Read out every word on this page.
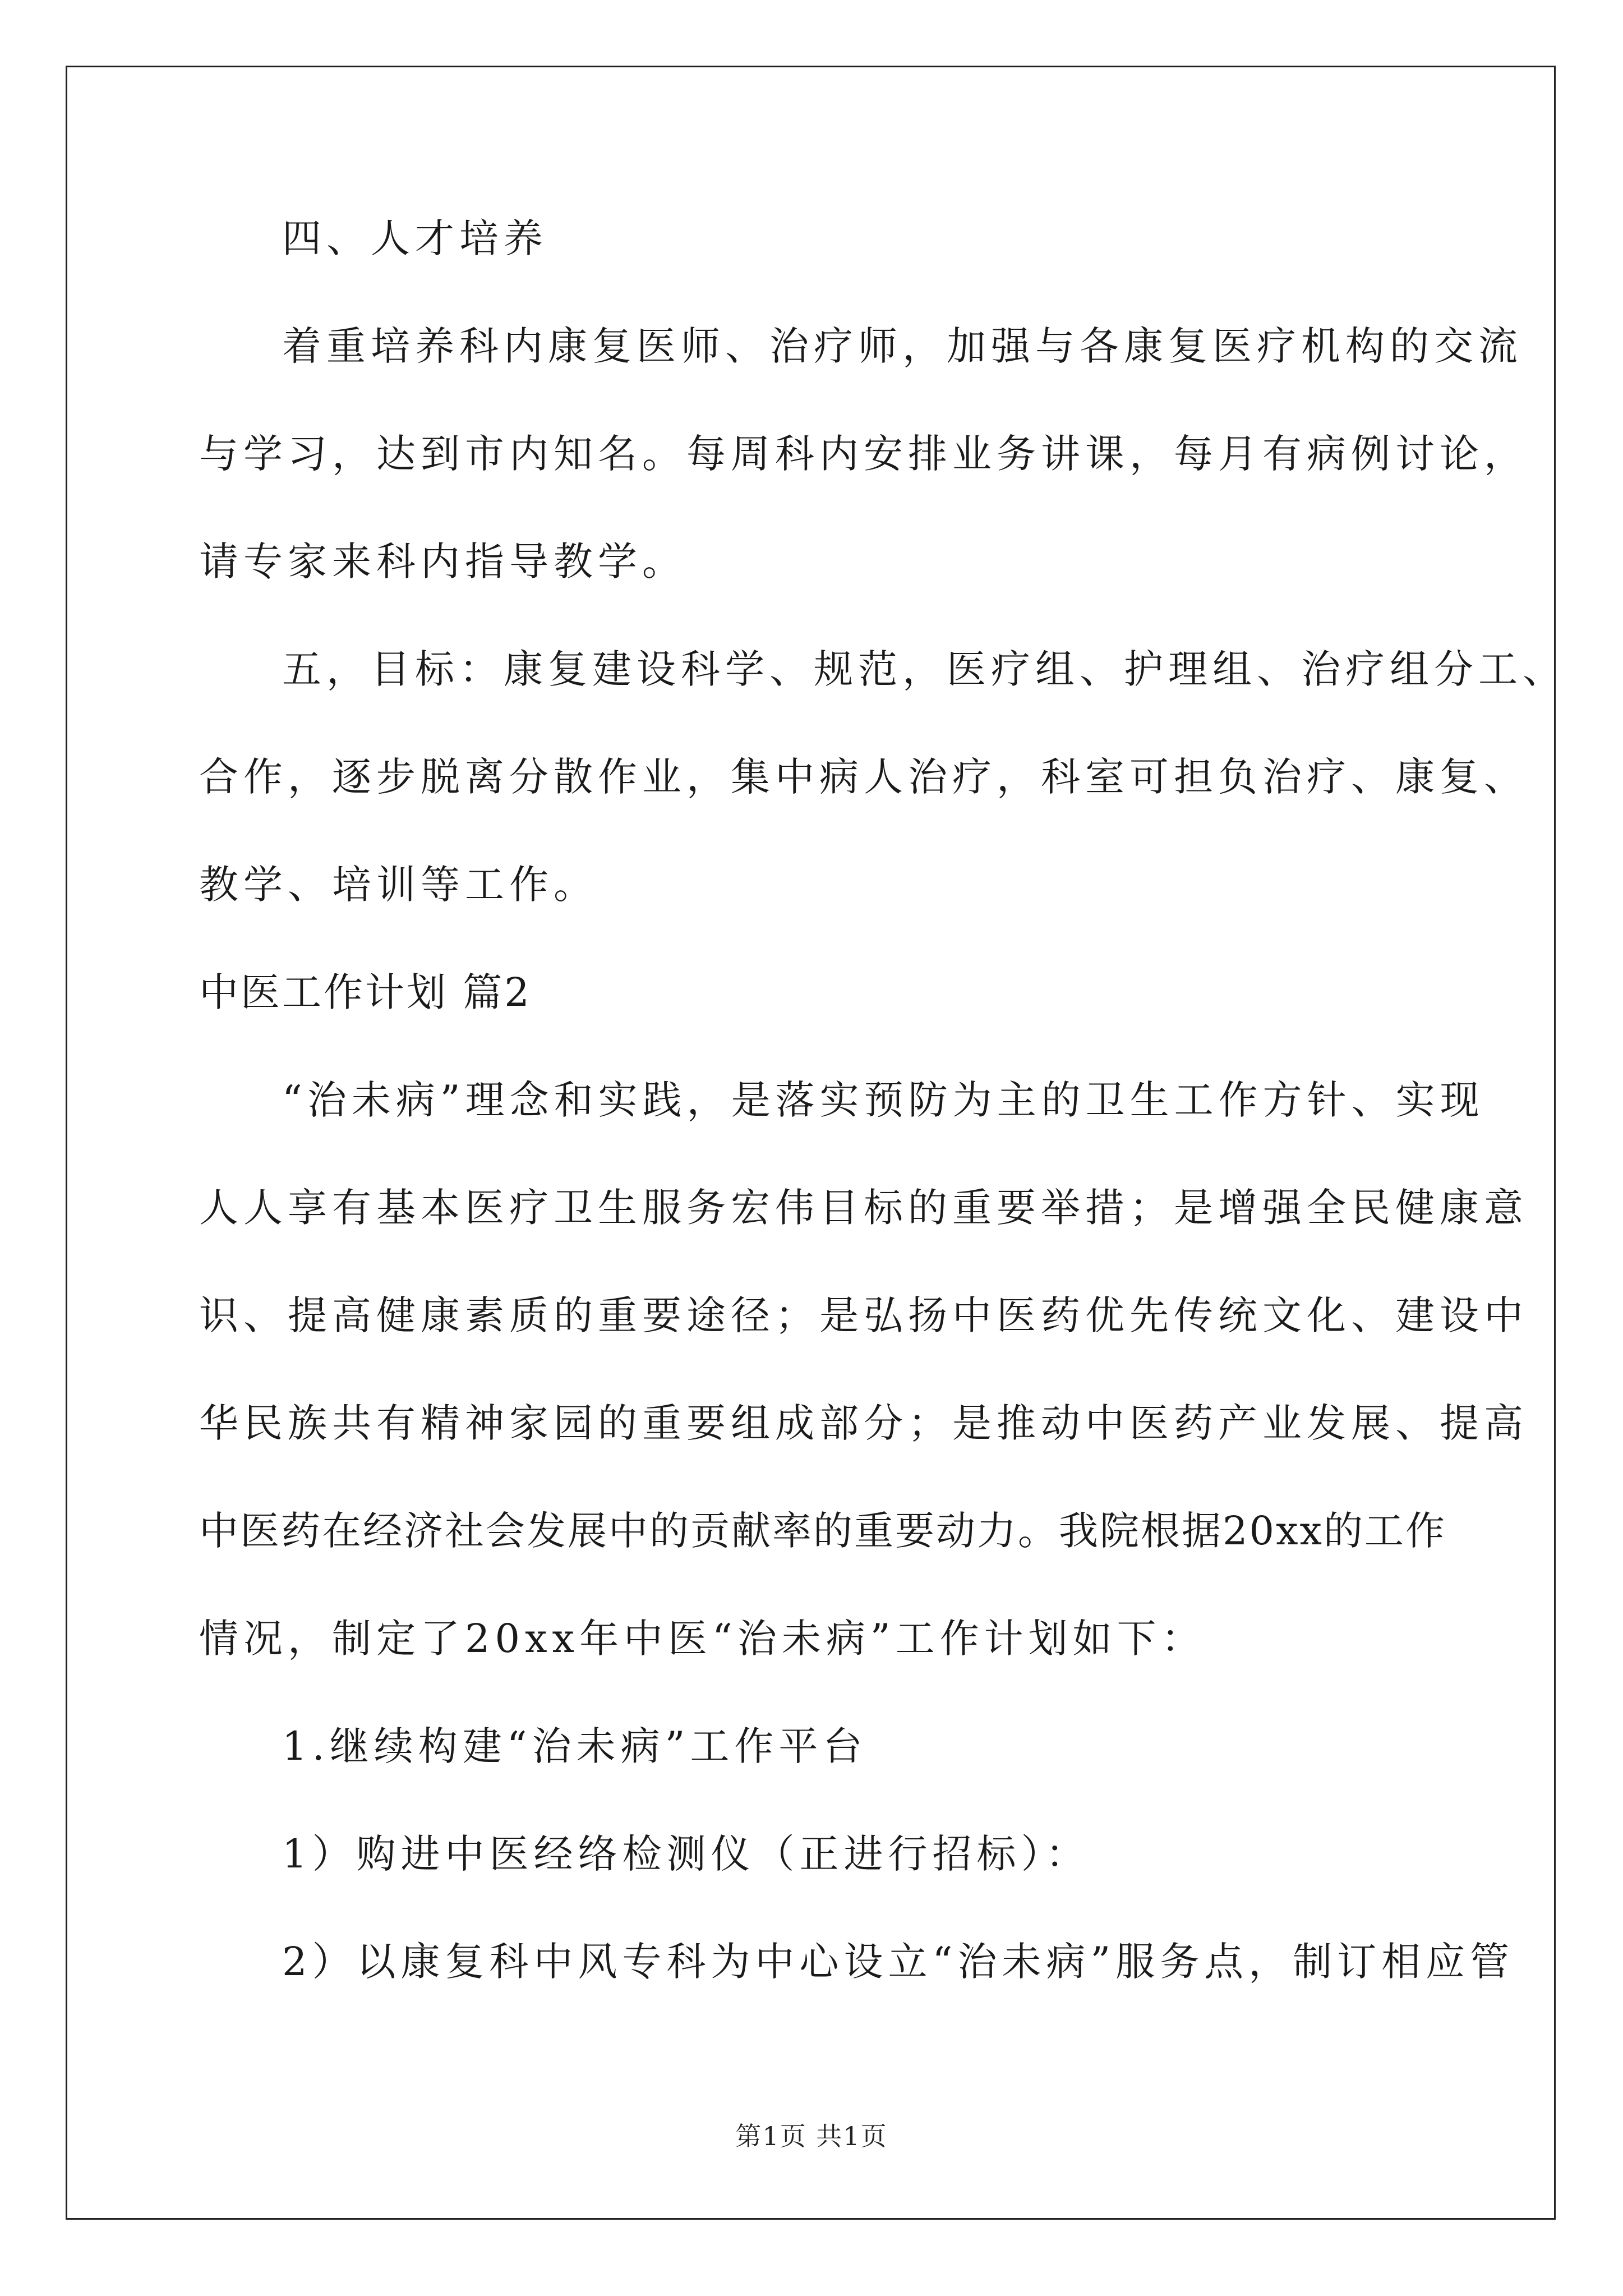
四、人才培养

着重培养科内康复医师、治疗师，加强与各康复医疗机构的交流

与学习，达到市内知名。每周科内安排业务讲课，每月有病例讨论，

请专家来科内指导教学。

五，目标：康复建设科学、规范，医疗组、护理组、治疗组分工、

合作，逐步脱离分散作业，集中病人治疗，科室可担负治疗、康复、

教学、培训等工作。

中医工作计划 篇2

“治未病”理念和实践，是落实预防为主的卫生工作方针、实现

人人享有基本医疗卫生服务宏伟目标的重要举措；是增强全民健康意

识、提高健康素质的重要途径；是弘扬中医药优先传统文化、建设中

华民族共有精神家园的重要组成部分；是推动中医药产业发展、提高

中医药在经济社会发展中的贡献率的重要动力。我院根据20xx的工作

情况，制定了20xx年中医“治未病”工作计划如下：

1.继续构建“治未病”工作平台

1）购进中医经络检测仪（正进行招标）：

2）以康复科中风专科为中心设立“治未病”服务点，制订相应管

第1页 共1页
